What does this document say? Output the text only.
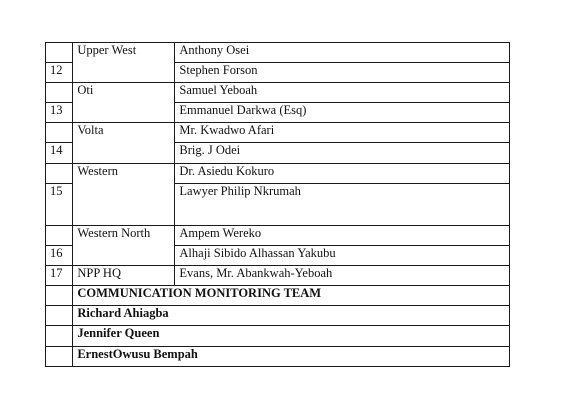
	Upper West	Anthony Osei
12		Stephen Forson
	Oti	Samuel Yeboah
13		Emmanuel Darkwa (Esq)
	Volta	Mr. Kwadwo Afari
14		Brig. J Odei
	Western	Dr. Asiedu Kokuro
15		Lawyer Philip Nkrumah
	Western North	Ampem Wereko
16		Alhaji Sibido Alhassan Yakubu
17	NPP HQ	Evans, Mr. Abankwah-Yeboah
	COMMUNICATION MONITORING TEAM	
	Richard Ahiagba	
	Jennifer Queen	
	ErnestOwusu Bempah	
